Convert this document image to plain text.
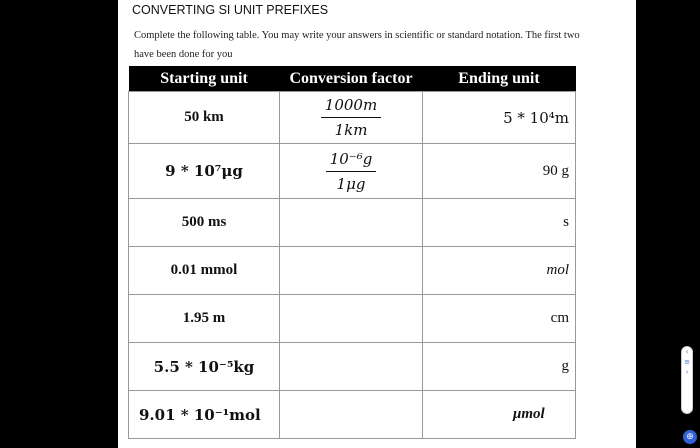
CONVERTING SI UNIT PREFIXES
Complete the following table. You may write your answers in scientific or standard notation. The first two have been done for you
Starting unit	Conversion factor	Ending unit
50 km	$\frac{1000m}{1km}$	5 * 10⁴m
9 * 10⁷μg	$\frac{\text{10⁻⁶g}}{1\mu g}$	90 g
500 ms		s
0.01 mmol		mol
1.95 m		cm
5.5 * 10⁻⁵kg		g
9.01 * 10⁻¹mol		μmol
‹
≡
›
⊕
